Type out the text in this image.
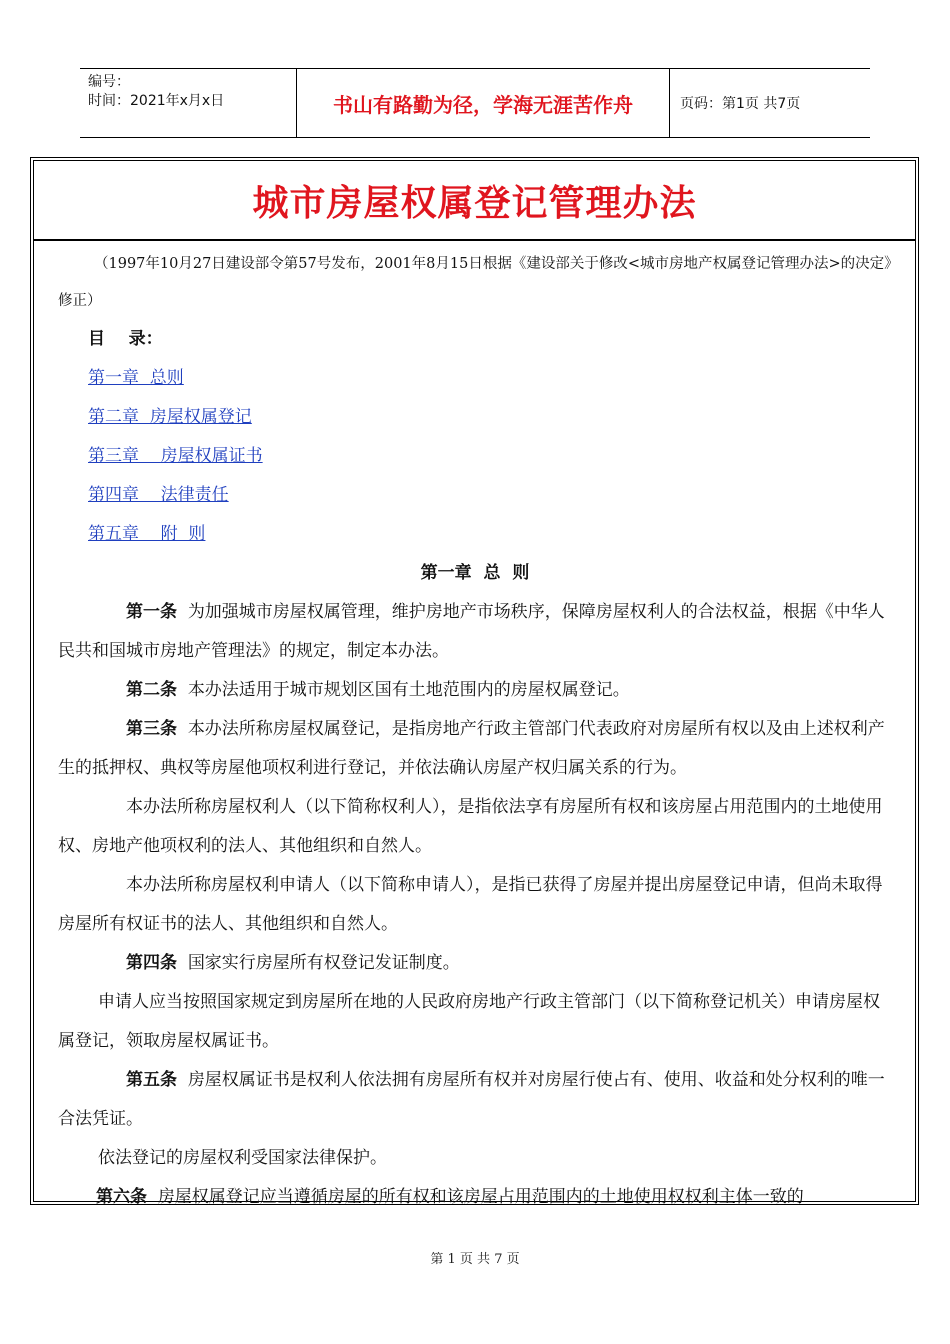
编号：
时间：2021年x月x日	书山有路勤为径，学海无涯苦作舟	页码：第1页 共7页
城市房屋权属登记管理办法
（1997年10月27日建设部令第57号发布，2001年8月15日根据《建设部关于修改<城市房地产权属登记管理办法>的决定》修正）
目    录：
第一章  总则
第二章  房屋权属登记
第三章    房屋权属证书
第四章    法律责任
第五章    附  则
第一章  总  则

第一条 为加强城市房屋权属管理，维护房地产市场秩序，保障房屋权利人的合法权益，根据《中华人民共和国城市房地产管理法》的规定，制定本办法。

第二条 本办法适用于城市规划区国有土地范围内的房屋权属登记。

第三条 本办法所称房屋权属登记，是指房地产行政主管部门代表政府对房屋所有权以及由上述权利产生的抵押权、典权等房屋他项权利进行登记，并依法确认房屋产权归属关系的行为。

本办法所称房屋权利人（以下简称权利人），是指依法享有房屋所有权和该房屋占用范围内的土地使用权、房地产他项权利的法人、其他组织和自然人。

本办法所称房屋权利申请人（以下简称申请人），是指已获得了房屋并提出房屋登记申请，但尚未取得房屋所有权证书的法人、其他组织和自然人。

第四条 国家实行房屋所有权登记发证制度。

申请人应当按照国家规定到房屋所在地的人民政府房地产行政主管部门（以下简称登记机关）申请房屋权属登记，领取房屋权属证书。

第五条 房屋权属证书是权利人依法拥有房屋所有权并对房屋行使占有、使用、收益和处分权利的唯一合法凭证。

依法登记的房屋权利受国家法律保护。

第六条 房屋权属登记应当遵循房屋的所有权和该房屋占用范围内的土地使用权权利主体一致的

第 1 页 共 7 页
